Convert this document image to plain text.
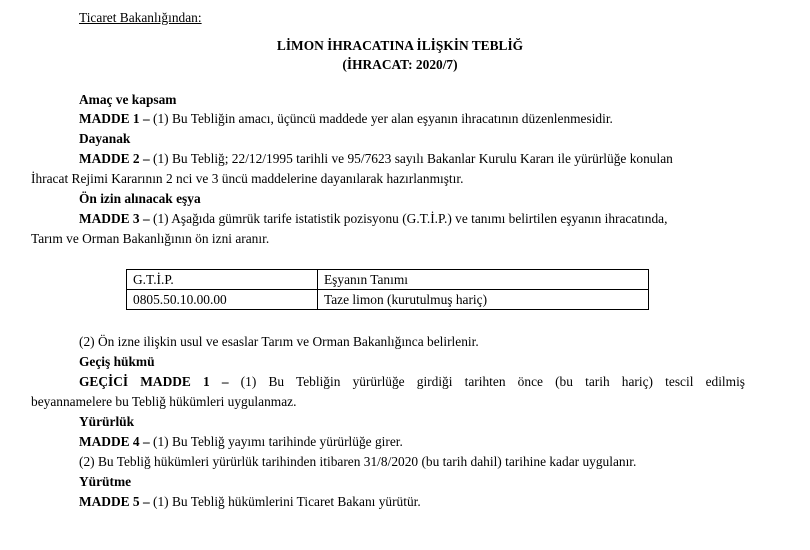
Ticaret Bakanlığından:
LİMON İHRACATINA İLİŞKİN TEBLİĞ
(İHRACAT: 2020/7)
Amaç ve kapsam
MADDE 1 – (1) Bu Tebliğin amacı, üçüncü maddede yer alan eşyanın ihracatının düzenlenmesidir.
Dayanak
MADDE 2 – (1) Bu Tebliğ; 22/12/1995 tarihli ve 95/7623 sayılı Bakanlar Kurulu Kararı ile yürürlüğe konulan
İhracat Rejimi Kararının 2 nci ve 3 üncü maddelerine dayanılarak hazırlanmıştır.
Ön izin alınacak eşya
MADDE 3 – (1) Aşağıda gümrük tarife istatistik pozisyonu (G.T.İ.P.) ve tanımı belirtilen eşyanın ihracatında,
Tarım ve Orman Bakanlığının ön izni aranır.
G.T.İ.P.	Eşyanın Tanımı
0805.50.10.00.00	Taze limon (kurutulmuş hariç)
(2) Ön izne ilişkin usul ve esaslar Tarım ve Orman Bakanlığınca belirlenir.
Geçiş hükmü
GEÇİCİ MADDE 1 – (1) Bu Tebliğin yürürlüğe girdiği tarihten önce (bu tarih hariç) tescil edilmiş
beyannamelere bu Tebliğ hükümleri uygulanmaz.
Yürürlük
MADDE 4 – (1) Bu Tebliğ yayımı tarihinde yürürlüğe girer.
(2) Bu Tebliğ hükümleri yürürlük tarihinden itibaren 31/8/2020 (bu tarih dahil) tarihine kadar uygulanır.
Yürütme
MADDE 5 – (1) Bu Tebliğ hükümlerini Ticaret Bakanı yürütür.
